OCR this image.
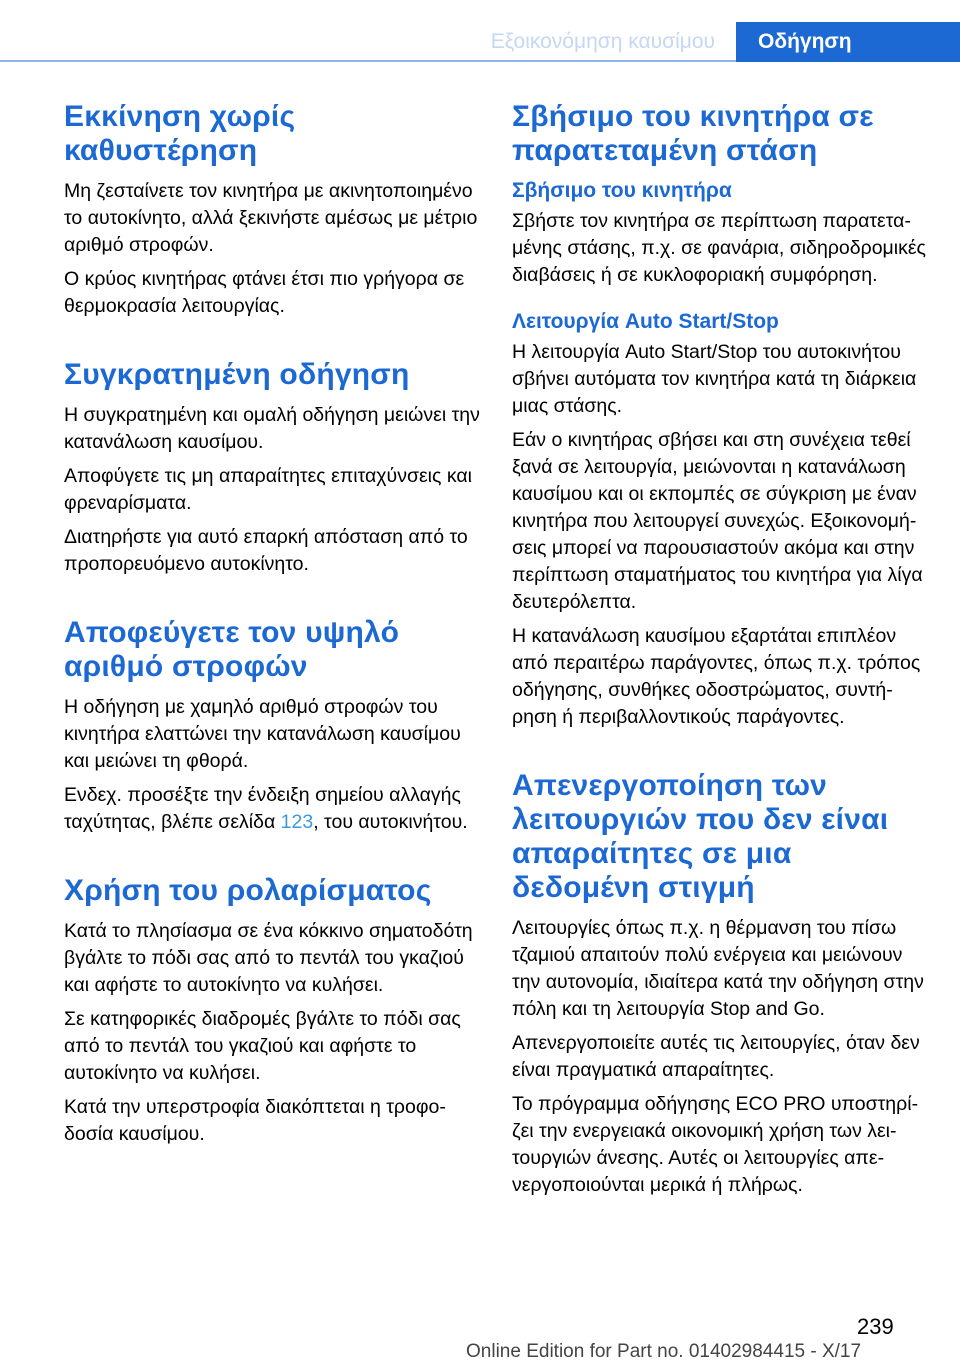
Εξοικονόμηση καυσίμου	Οδήγηση
Εκκίνηση χωρίς καθυστέρηση

Μη ζεσταίνετε τον κινητήρα με ακινητοποιημένο το αυτοκίνητο, αλλά ξεκινήστε αμέσως με μέτριο αριθμό στροφών.

Ο κρύος κινητήρας φτάνει έτσι πιο γρήγορα σε θερμοκρασία λειτουργίας.

Συγκρατημένη οδήγηση

Η συγκρατημένη και ομαλή οδήγηση μειώνει την κατανάλωση καυσίμου.

Αποφύγετε τις μη απαραίτητες επιταχύνσεις και φρεναρίσματα.

Διατηρήστε για αυτό επαρκή απόσταση από το προπορευόμενο αυτοκίνητο.

Αποφεύγετε τον υψηλό αριθμό στροφών

Η οδήγηση με χαμηλό αριθμό στροφών του κινητήρα ελαττώνει την κατανάλωση καυσίμου και μειώνει τη φθορά.

Ενδεχ. προσέξτε την ένδειξη σημείου αλλαγής ταχύτητας, βλέπε σελίδα 123, του αυτοκινήτου.

Χρήση του ρολαρίσματος

Κατά το πλησίασμα σε ένα κόκκινο σηματοδότη βγάλτε το πόδι σας από το πεντάλ του γκαζιού και αφήστε το αυτοκίνητο να κυλήσει.

Σε κατηφορικές διαδρομές βγάλτε το πόδι σας από το πεντάλ του γκαζιού και αφήστε το αυτοκίνητο να κυλήσει.

Κατά την υπερστροφία διακόπτεται η τροφοδοσία καυσίμου.

Σβήσιμο του κινητήρα σε παρατεταμένη στάση
Σβήσιμο του κινητήρα

Σβήστε τον κινητήρα σε περίπτωση παρατεταμένης στάσης, π.χ. σε φανάρια, σιδηροδρομικές διαβάσεις ή σε κυκλοφοριακή συμφόρηση.

Λειτουργία Auto Start/Stop

Η λειτουργία Auto Start/Stop του αυτοκινήτου σβήνει αυτόματα τον κινητήρα κατά τη διάρκεια μιας στάσης.

Εάν ο κινητήρας σβήσει και στη συνέχεια τεθεί ξανά σε λειτουργία, μειώνονται η κατανάλωση καυσίμου και οι εκπομπές σε σύγκριση με έναν κινητήρα που λειτουργεί συνεχώς. Εξοικονομήσεις μπορεί να παρουσιαστούν ακόμα και στην περίπτωση σταματήματος του κινητήρα για λίγα δευτερόλεπτα.

Η κατανάλωση καυσίμου εξαρτάται επιπλέον από περαιτέρω παράγοντες, όπως π.χ. τρόπος οδήγησης, συνθήκες οδοστρώματος, συντήρηση ή περιβαλλοντικούς παράγοντες.

Απενεργοποίηση των λειτουργιών που δεν είναι απαραίτητες σε μια δεδομένη στιγμή

Λειτουργίες όπως π.χ. η θέρμανση του πίσω τζαμιού απαιτούν πολύ ενέργεια και μειώνουν την αυτονομία, ιδιαίτερα κατά την οδήγηση στην πόλη και τη λειτουργία Stop and Go.

Απενεργοποιείτε αυτές τις λειτουργίες, όταν δεν είναι πραγματικά απαραίτητες.

Το πρόγραμμα οδήγησης ECO PRO υποστηρίζει την ενεργειακά οικονομική χρήση των λειτουργιών άνεσης. Αυτές οι λειτουργίες απενεργοποιούνται μερικά ή πλήρως.

239
Online Edition for Part no. 01402984415 - X/17
